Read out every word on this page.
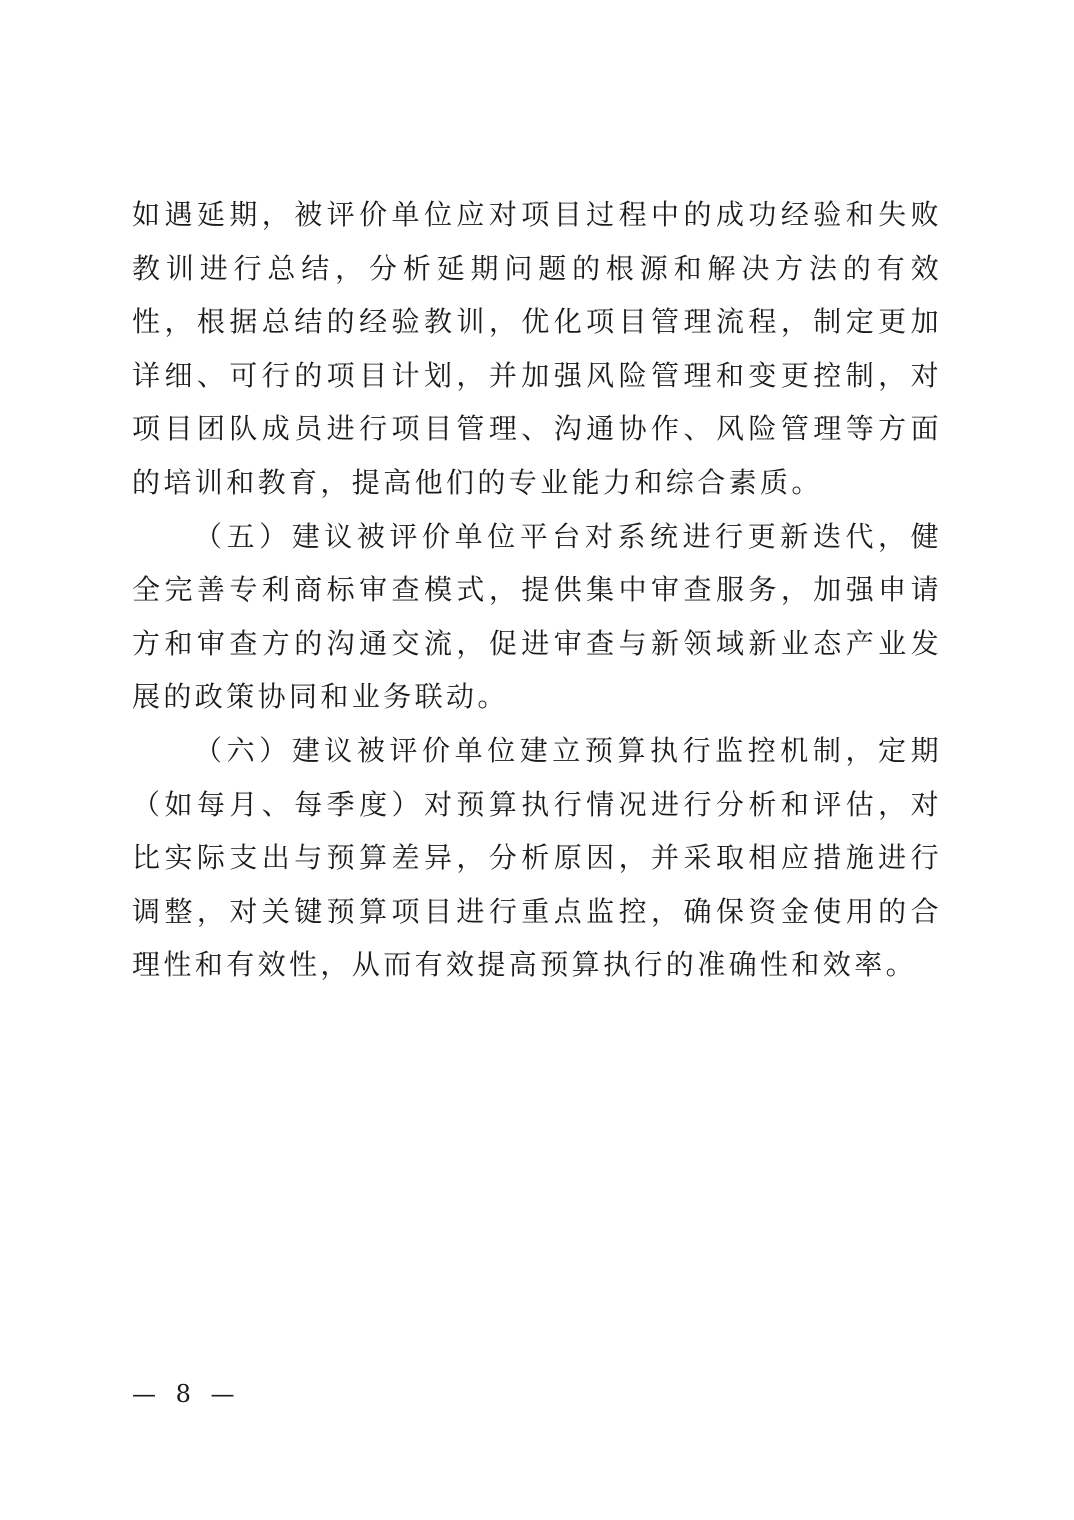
如遇延期，被评价单位应对项目过程中的成功经验和失败教训进行总结，分析延期问题的根源和解决方法的有效性，根据总结的经验教训，优化项目管理流程，制定更加详细、可行的项目计划，并加强风险管理和变更控制，对项目团队成员进行项目管理、沟通协作、风险管理等方面的培训和教育，提高他们的专业能力和综合素质。

（五）建议被评价单位平台对系统进行更新迭代，健全完善专利商标审查模式，提供集中审查服务，加强申请方和审查方的沟通交流，促进审查与新领域新业态产业发展的政策协同和业务联动。

（六）建议被评价单位建立预算执行监控机制，定期（如每月、每季度）对预算执行情况进行分析和评估，对比实际支出与预算差异，分析原因，并采取相应措施进行调整，对关键预算项目进行重点监控，确保资金使用的合理性和有效性，从而有效提高预算执行的准确性和效率。

— 8 —
